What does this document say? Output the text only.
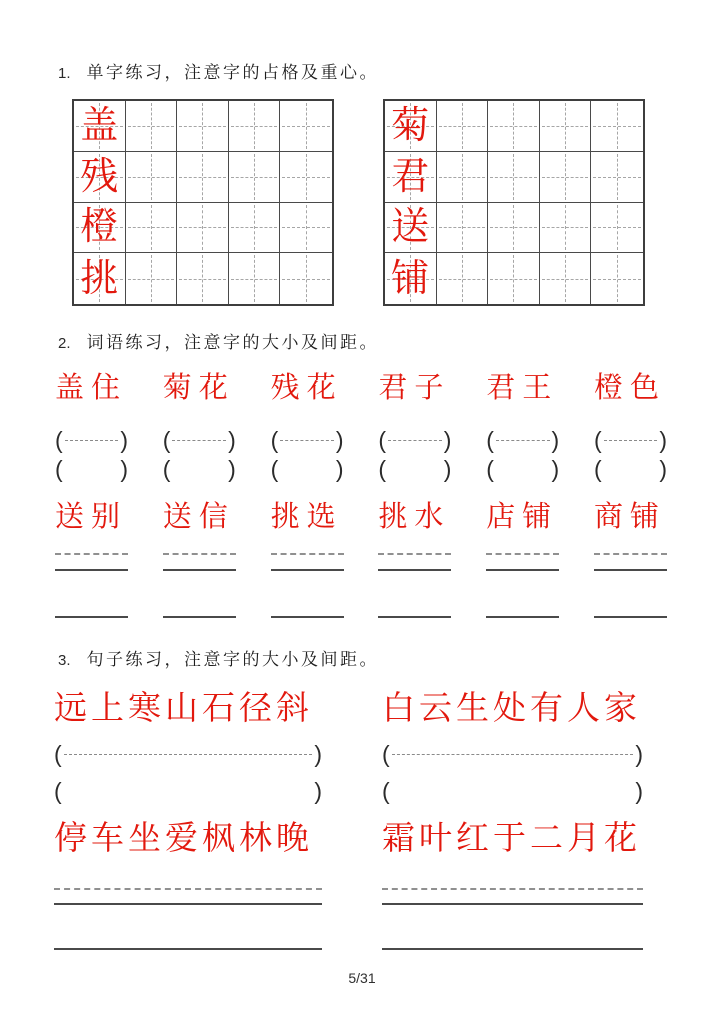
1. 单字练习，注意字的占格及重心。
盖
残
橙
挑
菊
君
送
铺
2. 词语练习，注意字的大小及间距。
盖住 菊花 残花 君子 君王 橙色
(	) (	) (	) (	) (	) (	)
(	) (	) (	) (	) (	) (	)
送别 送信 挑选 挑水 店铺 商铺
3. 句子练习，注意字的大小及间距。
远上寒山石径斜 白云生处有人家
(	)	(	)
(	)	(	)
停车坐爱枫林晚 霜叶红于二月花
5/31
